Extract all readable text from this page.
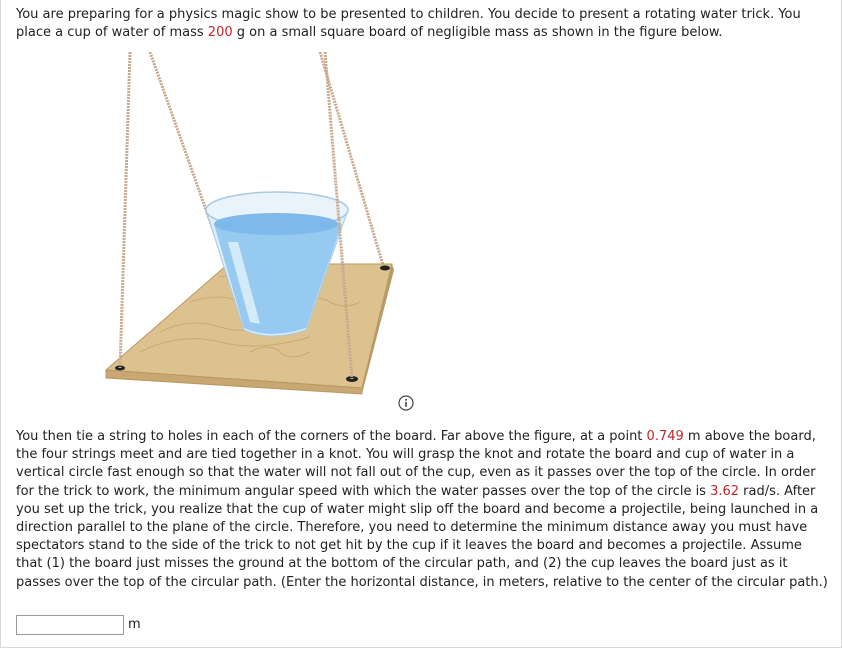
You are preparing for a physics magic show to be presented to children. You decide to present a rotating water trick. You place a cup of water of mass 200 g on a small square board of negligible mass as shown in the figure below.
You then tie a string to holes in each of the corners of the board. Far above the figure, at a point 0.749 m above the board, the four strings meet and are tied together in a knot. You will grasp the knot and rotate the board and cup of water in a vertical circle fast enough so that the water will not fall out of the cup, even as it passes over the top of the circle. In order for the trick to work, the minimum angular speed with which the water passes over the top of the circle is 3.62 rad/s. After you set up the trick, you realize that the cup of water might slip off the board and become a projectile, being launched in a direction parallel to the plane of the circle. Therefore, you need to determine the minimum distance away you must have spectators stand to the side of the trick to not get hit by the cup if it leaves the board and becomes a projectile. Assume that (1) the board just misses the ground at the bottom of the circular path, and (2) the cup leaves the board just as it passes over the top of the circular path. (Enter the horizontal distance, in meters, relative to the center of the circular path.)
m
